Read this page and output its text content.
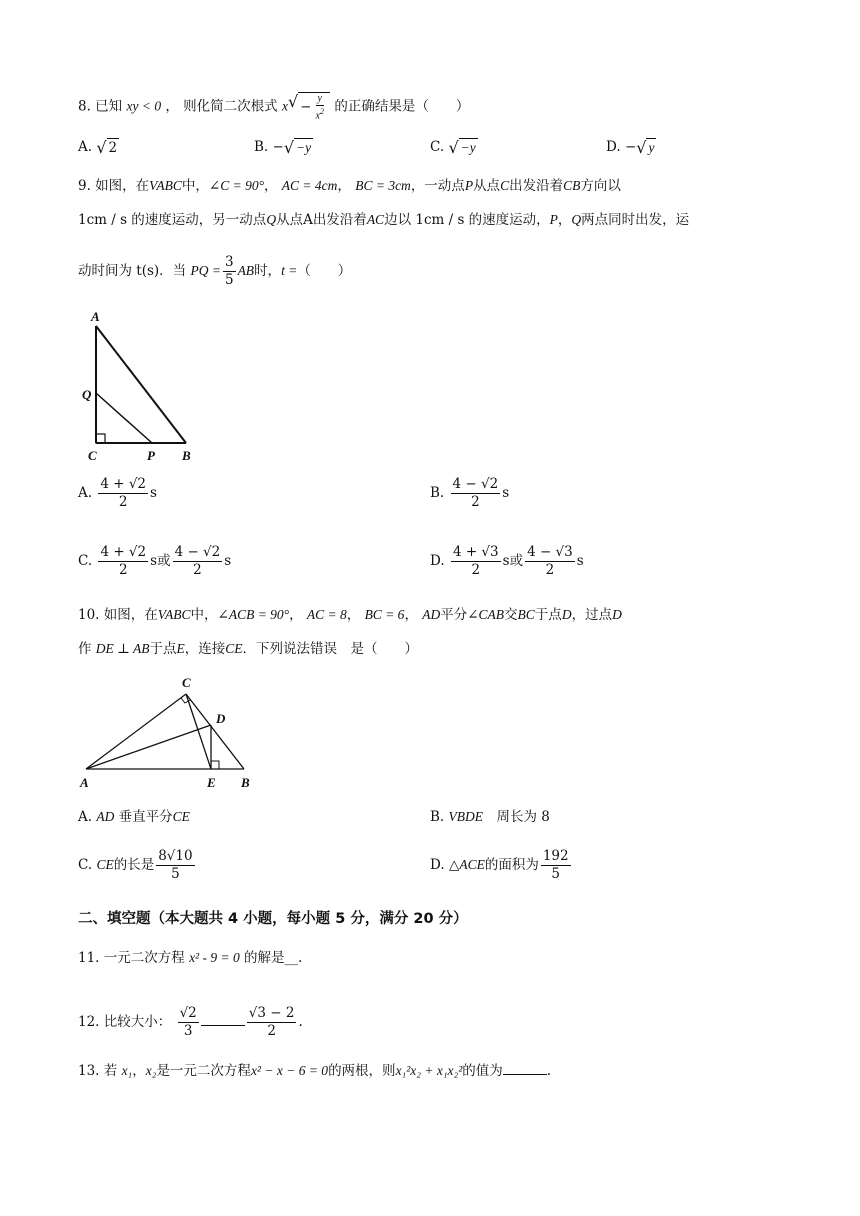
8. 已知 xy < 0 ， 则化简二次根式 x √ − $\frac{y}{x^2}$ 的正确结果是（　　）
A. √ 2	B. − √ −y	C. √ −y	D. − √ y
9. 如图，在VABC中，∠C = 90°， AC = 4cm， BC = 3cm，一动点P从点C出发沿着CB方向以
1cm / s 的速度运动，另一动点Q从点A出发沿着AC边以 1cm / s 的速度运动，P，Q两点同时出发，运
动时间为 t(s)．当 PQ = $\frac{3}{5}$ AB时，t =（　　）
A
Q
C	P B
A. $\frac{4 + √2}{2}$ s	B. $\frac{4 - √2}{2}$ s
C. $\frac{4 + √2}{2}$ s或 $\frac{4 - √2}{2}$ s	D. $\frac{4 + √3}{2}$ s或 $\frac{4 - √3}{2}$ s
10. 如图，在VABC中，∠ACB = 90°， AC = 8， BC = 6， AD平分∠CAB交BC于点D，过点D
作 DE ⊥ AB于点E，连接CE．下列说法错误　是（　　）
C
D
A	E B
A. AD 垂直平分CE	B. VBDE　周长为 8
C. CE的长是 $\frac{8√10}{5}$	D. △ACE的面积为 $\frac{192}{5}$
二、填空题（本大题共 4 小题，每小题 5 分，满分 20 分）
11. 一元二次方程 x² - 9 = 0 的解是__.
12. 比较大小： $\frac{√2}{3}$	$\frac{√3 - 2}{2}$ .
13. 若 x₁，x₂是一元二次方程x² − x − 6 = 0的两根，则x₁²x₂ + x₁x₂²的值为	.
